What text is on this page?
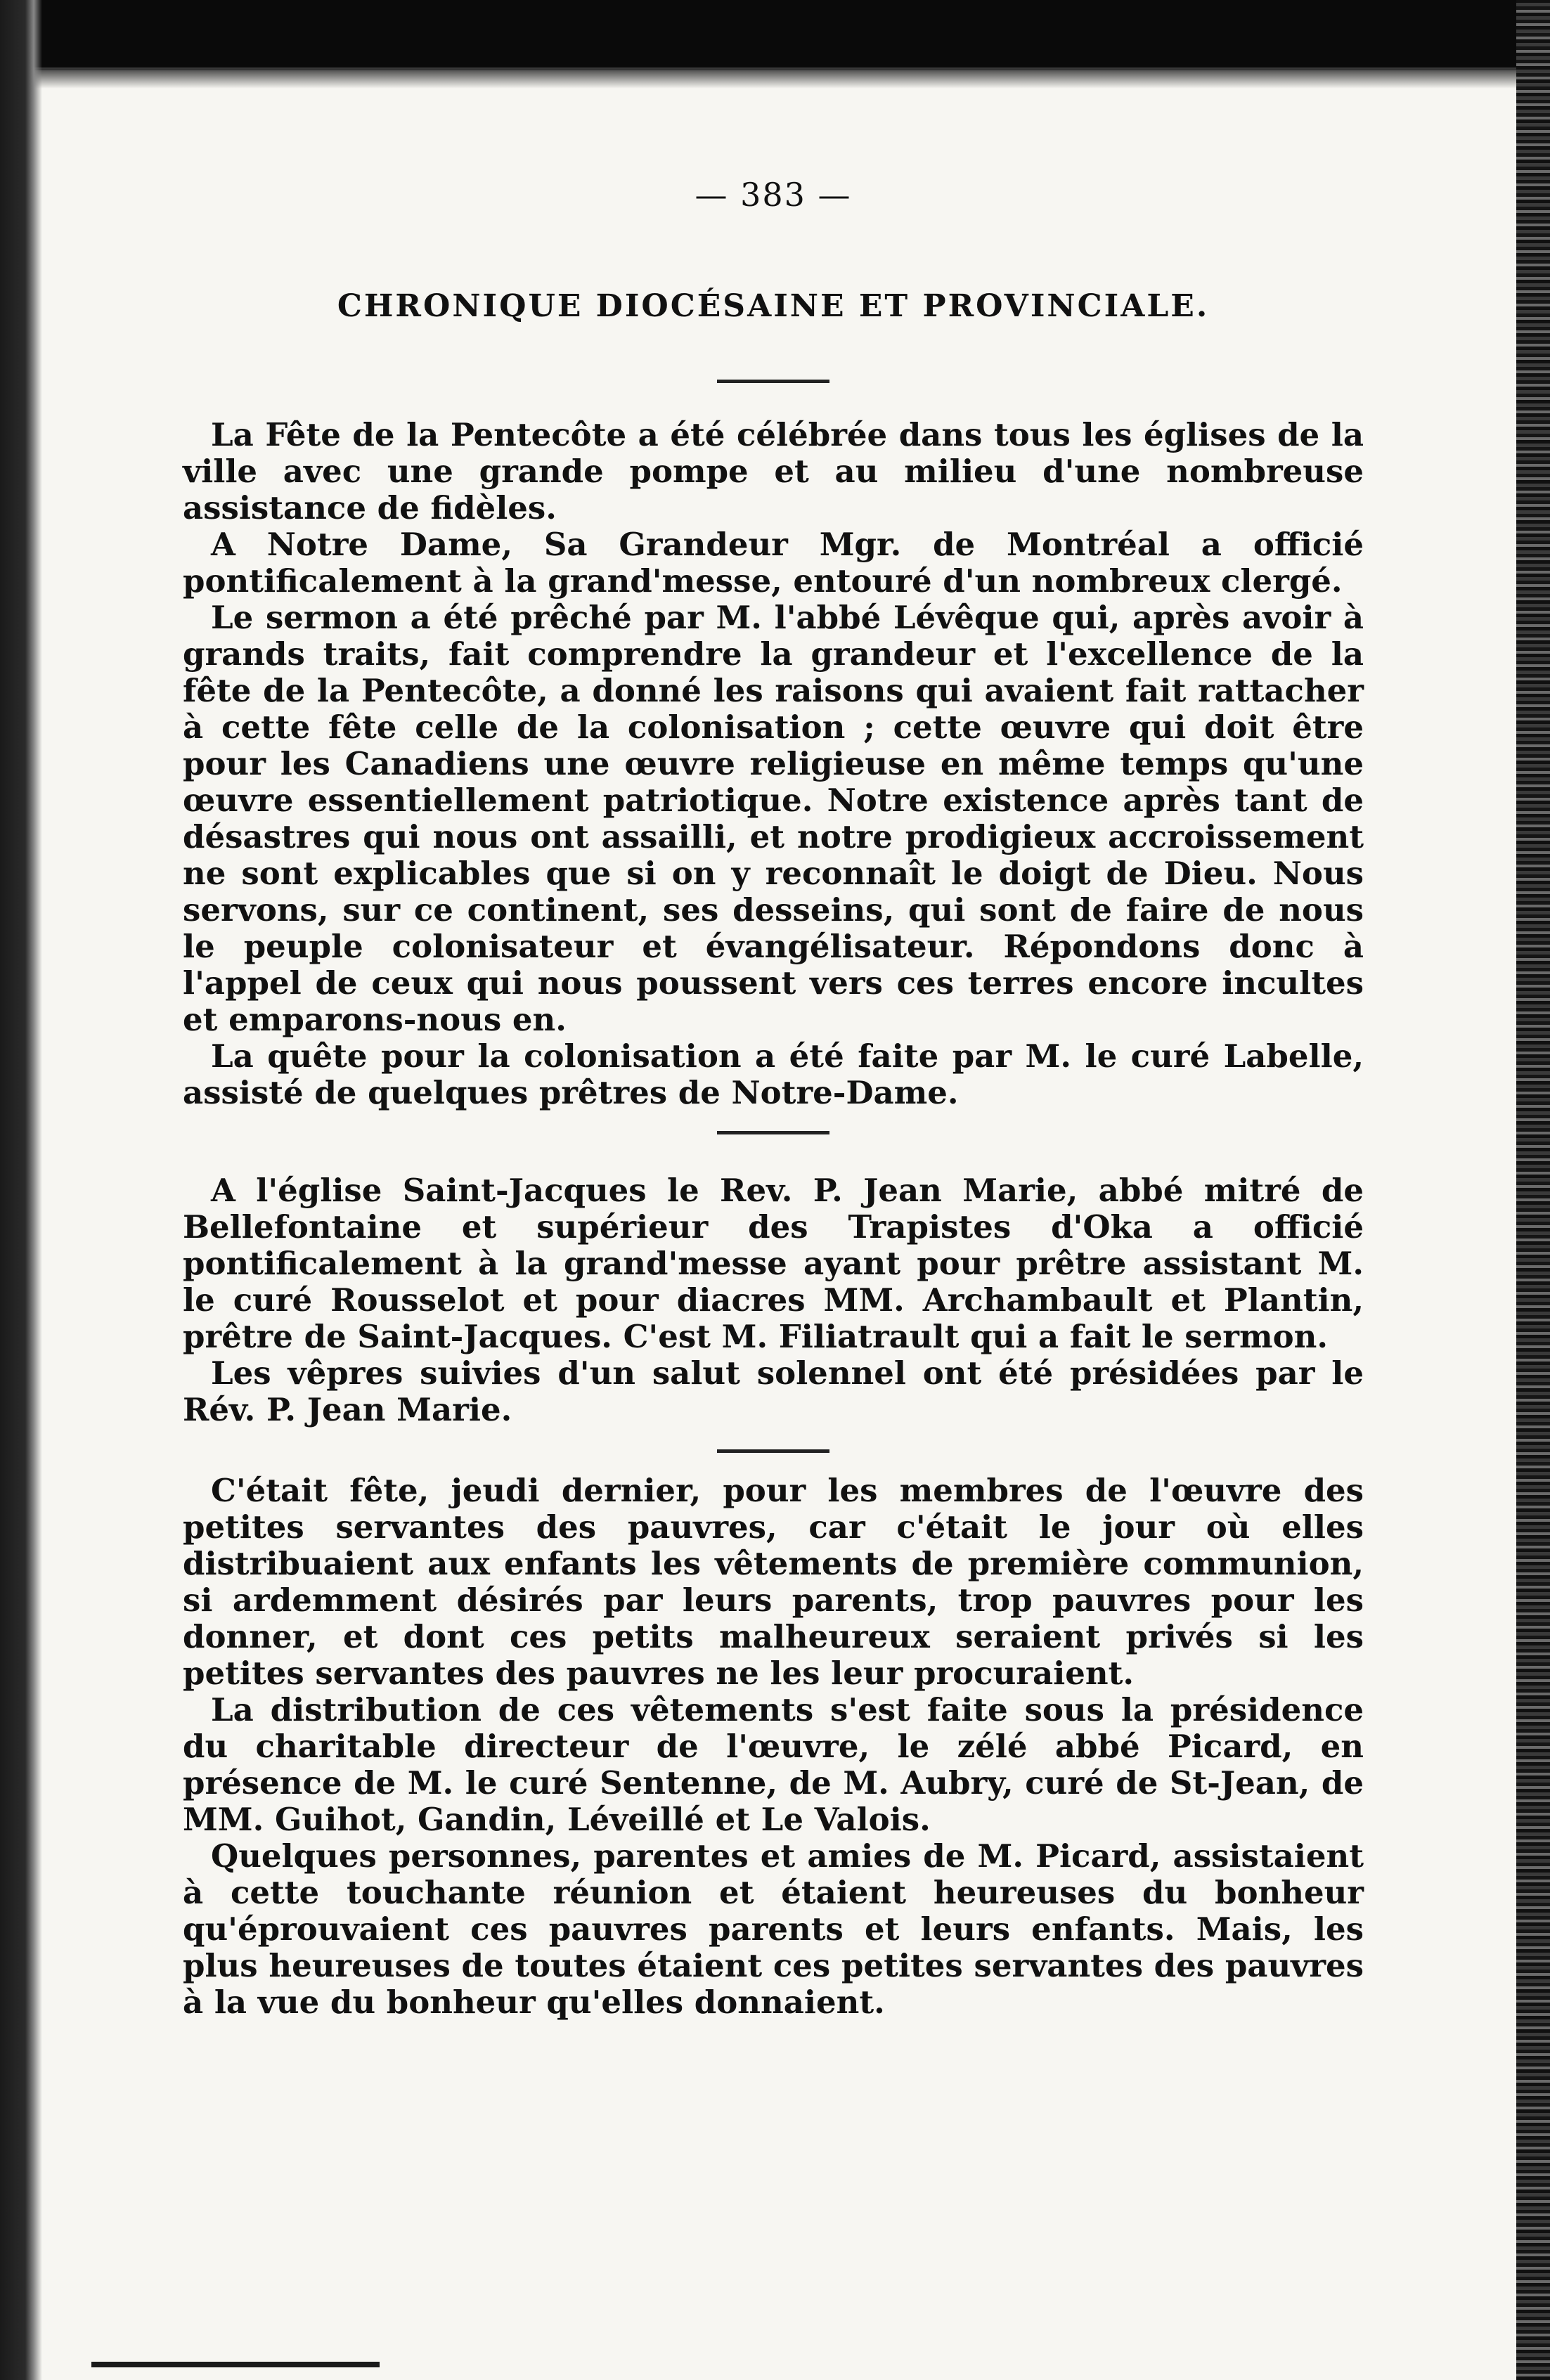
— 383 —

CHRONIQUE DIOCÉSAINE ET PROVINCIALE.

La Fête de la Pentecôte a été célébrée dans tous les églises de la ville avec une grande pompe et au milieu d'une nombreuse assistance de fidèles.

A Notre Dame, Sa Grandeur Mgr. de Montréal a officié pontificalement à la grand'messe, entouré d'un nombreux clergé.

Le sermon a été prêché par M. l'abbé Lévêque qui, après avoir à grands traits, fait comprendre la grandeur et l'excellence de la fête de la Pentecôte, a donné les raisons qui avaient fait rattacher à cette fête celle de la colonisation ; cette œuvre qui doit être pour les Canadiens une œuvre religieuse en même temps qu'une œuvre essentiellement patriotique. Notre existence après tant de désastres qui nous ont assailli, et notre prodigieux accroissement ne sont explicables que si on y reconnaît le doigt de Dieu. Nous servons, sur ce continent, ses desseins, qui sont de faire de nous le peuple colonisateur et évangélisateur. Répondons donc à l'appel de ceux qui nous poussent vers ces terres encore incultes et emparons-nous en.

La quête pour la colonisation a été faite par M. le curé Labelle, assisté de quelques prêtres de Notre-Dame.

A l'église Saint-Jacques le Rev. P. Jean Marie, abbé mitré de Bellefontaine et supérieur des Trapistes d'Oka a officié pontificalement à la grand'messe ayant pour prêtre assistant M. le curé Rousselot et pour diacres MM. Archambault et Plantin, prêtre de Saint-Jacques. C'est M. Filiatrault qui a fait le sermon.

Les vêpres suivies d'un salut solennel ont été présidées par le Rév. P. Jean Marie.

C'était fête, jeudi dernier, pour les membres de l'œuvre des petites servantes des pauvres, car c'était le jour où elles distribuaient aux enfants les vêtements de première communion, si ardemment désirés par leurs parents, trop pauvres pour les donner, et dont ces petits malheureux seraient privés si les petites servantes des pauvres ne les leur procuraient.

La distribution de ces vêtements s'est faite sous la présidence du charitable directeur de l'œuvre, le zélé abbé Picard, en présence de M. le curé Sentenne, de M. Aubry, curé de St-Jean, de MM. Guihot, Gandin, Léveillé et Le Valois.

Quelques personnes, parentes et amies de M. Picard, assistaient à cette touchante réunion et étaient heureuses du bonheur qu'éprouvaient ces pauvres parents et leurs enfants. Mais, les plus heureuses de toutes étaient ces petites servantes des pauvres à la vue du bonheur qu'elles donnaient.
